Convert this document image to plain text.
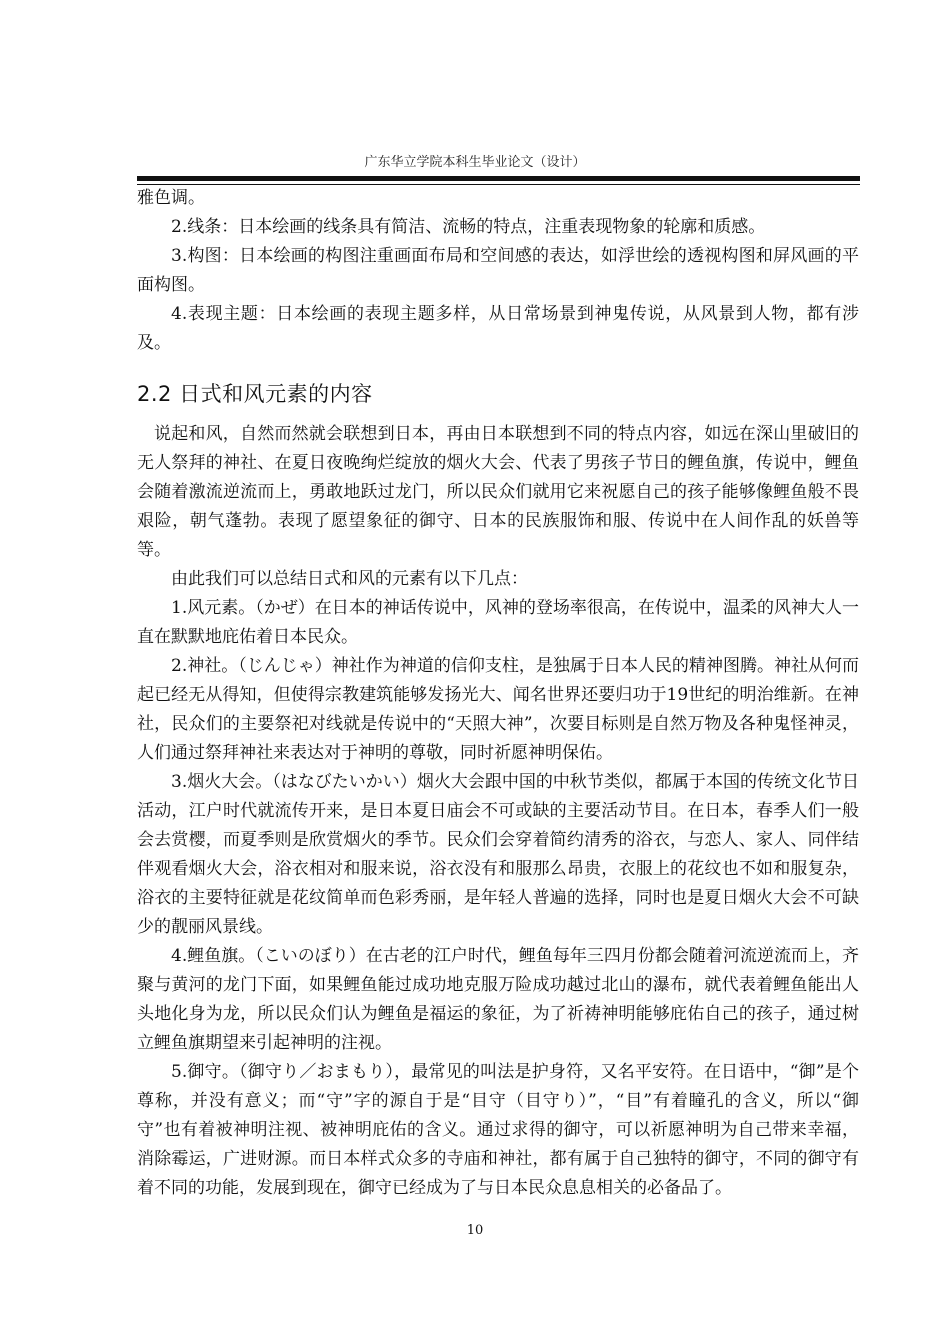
广东华立学院本科生毕业论文（设计）

雅色调。

2.线条：日本绘画的线条具有简洁、流畅的特点，注重表现物象的轮廓和质感。

3.构图：日本绘画的构图注重画面布局和空间感的表达，如浮世绘的透视构图和屏风画的平面构图。

4.表现主题：日本绘画的表现主题多样，从日常场景到神鬼传说，从风景到人物，都有涉及。

2.2 日式和风元素的内容

说起和风，自然而然就会联想到日本，再由日本联想到不同的特点内容，如远在深山里破旧的无人祭拜的神社、在夏日夜晚绚烂绽放的烟火大会、代表了男孩子节日的鲤鱼旗，传说中，鲤鱼会随着激流逆流而上，勇敢地跃过龙门，所以民众们就用它来祝愿自己的孩子能够像鲤鱼般不畏艰险，朝气蓬勃。表现了愿望象征的御守、日本的民族服饰和服、传说中在人间作乱的妖兽等等。

由此我们可以总结日式和风的元素有以下几点：

1.风元素。（かぜ）在日本的神话传说中，风神的登场率很高，在传说中，温柔的风神大人一直在默默地庇佑着日本民众。

2.神社。（じんじゃ）神社作为神道的信仰支柱，是独属于日本人民的精神图腾。神社从何而起已经无从得知，但使得宗教建筑能够发扬光大、闻名世界还要归功于19世纪的明治维新。在神社，民众们的主要祭祀对线就是传说中的“天照大神”，次要目标则是自然万物及各种鬼怪神灵，人们通过祭拜神社来表达对于神明的尊敬，同时祈愿神明保佑。

3.烟火大会。（はなびたいかい）烟火大会跟中国的中秋节类似，都属于本国的传统文化节日活动，江户时代就流传开来，是日本夏日庙会不可或缺的主要活动节目。在日本，春季人们一般会去赏樱，而夏季则是欣赏烟火的季节。民众们会穿着简约清秀的浴衣，与恋人、家人、同伴结伴观看烟火大会，浴衣相对和服来说，浴衣没有和服那么昂贵，衣服上的花纹也不如和服复杂，浴衣的主要特征就是花纹简单而色彩秀丽，是年轻人普遍的选择，同时也是夏日烟火大会不可缺少的靓丽风景线。

4.鲤鱼旗。（こいのぼり）在古老的江户时代，鲤鱼每年三四月份都会随着河流逆流而上，齐聚与黄河的龙门下面，如果鲤鱼能过成功地克服万险成功越过北山的瀑布，就代表着鲤鱼能出人头地化身为龙，所以民众们认为鲤鱼是福运的象征，为了祈祷神明能够庇佑自己的孩子，通过树立鲤鱼旗期望来引起神明的注视。

5.御守。（御守り／おまもり），最常见的叫法是护身符，又名平安符。在日语中，“御”是个尊称，并没有意义；而“守”字的源自于是“目守（目守り）”，“目”有着瞳孔的含义，所以“御守”也有着被神明注视、被神明庇佑的含义。通过求得的御守，可以祈愿神明为自己带来幸福，消除霉运，广进财源。而日本样式众多的寺庙和神社，都有属于自己独特的御守，不同的御守有着不同的功能，发展到现在，御守已经成为了与日本民众息息相关的必备品了。

10
